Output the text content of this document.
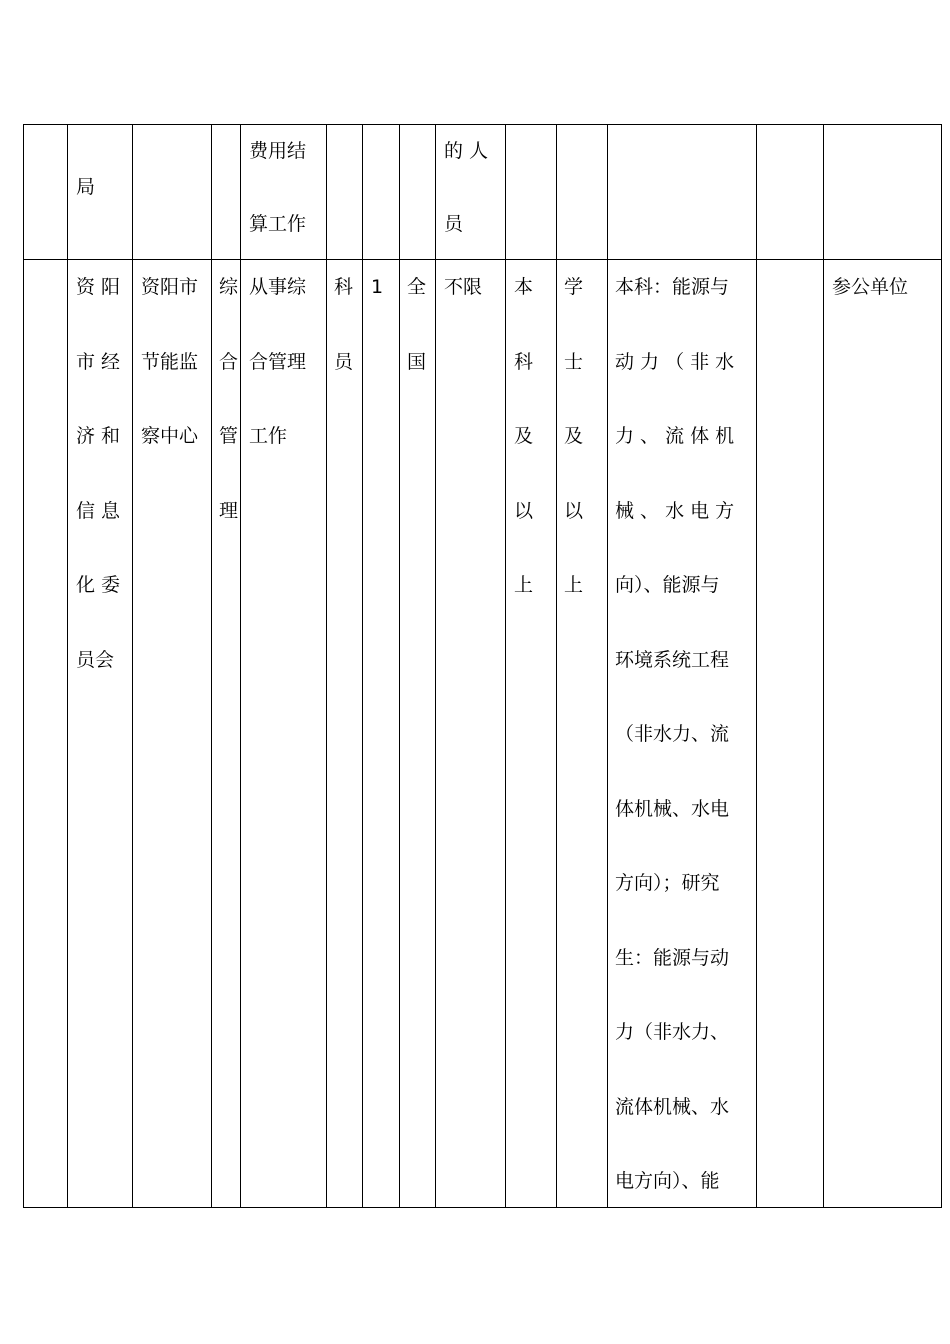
局
费用结
算工作
的 人
员
资 阳
市 经
济 和
信 息
化 委
员会
资阳市
节能监
察中心
综
合
管
理
从事综
合管理
工作
科
员
1	全
国
不限	本
科
及
以
上
学
士
及
以
上
本科：能源与
动 力 （ 非 水
力 、 流 体 机
械 、 水 电 方
向）、能源与
环境系统工程
（非水力、流
体机械、水电
方向）；研究
生：能源与动
力（非水力、
流体机械、水
电方向）、能
参公单位
